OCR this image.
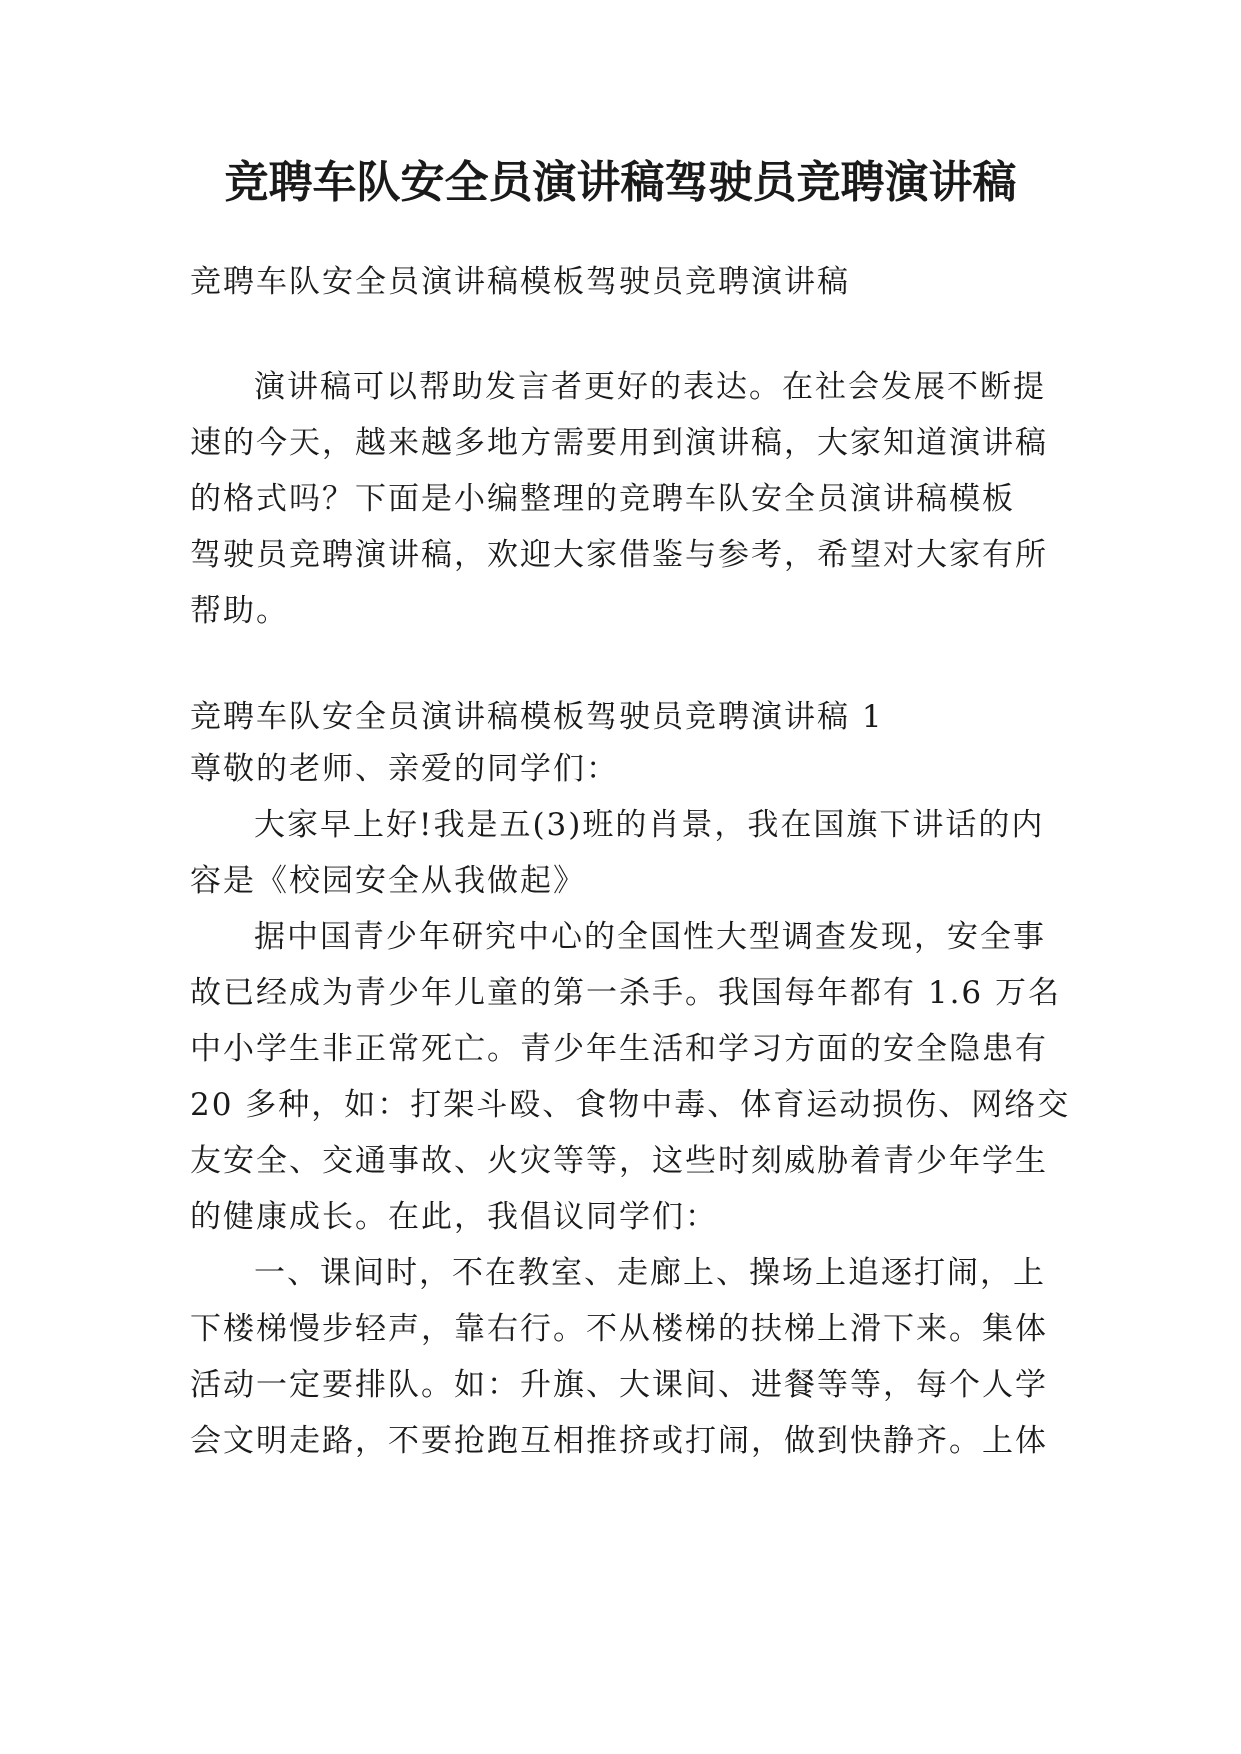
竞聘车队安全员演讲稿驾驶员竞聘演讲稿

竞聘车队安全员演讲稿模板驾驶员竞聘演讲稿

演讲稿可以帮助发言者更好的表达。在社会发展不断提

速的今天，越来越多地方需要用到演讲稿，大家知道演讲稿

的格式吗？下面是小编整理的竞聘车队安全员演讲稿模板

驾驶员竞聘演讲稿，欢迎大家借鉴与参考，希望对大家有所

帮助。

竞聘车队安全员演讲稿模板驾驶员竞聘演讲稿 1

尊敬的老师、亲爱的同学们：

大家早上好!我是五(3)班的肖景，我在国旗下讲话的内

容是《校园安全从我做起》

据中国青少年研究中心的全国性大型调查发现，安全事

故已经成为青少年儿童的第一杀手。我国每年都有 1.6 万名

中小学生非正常死亡。青少年生活和学习方面的安全隐患有

20 多种，如：打架斗殴、食物中毒、体育运动损伤、网络交

友安全、交通事故、火灾等等，这些时刻威胁着青少年学生

的健康成长。在此，我倡议同学们：

一、课间时，不在教室、走廊上、操场上追逐打闹，上

下楼梯慢步轻声，靠右行。不从楼梯的扶梯上滑下来。集体

活动一定要排队。如：升旗、大课间、进餐等等，每个人学

会文明走路，不要抢跑互相推挤或打闹，做到快静齐。上体
